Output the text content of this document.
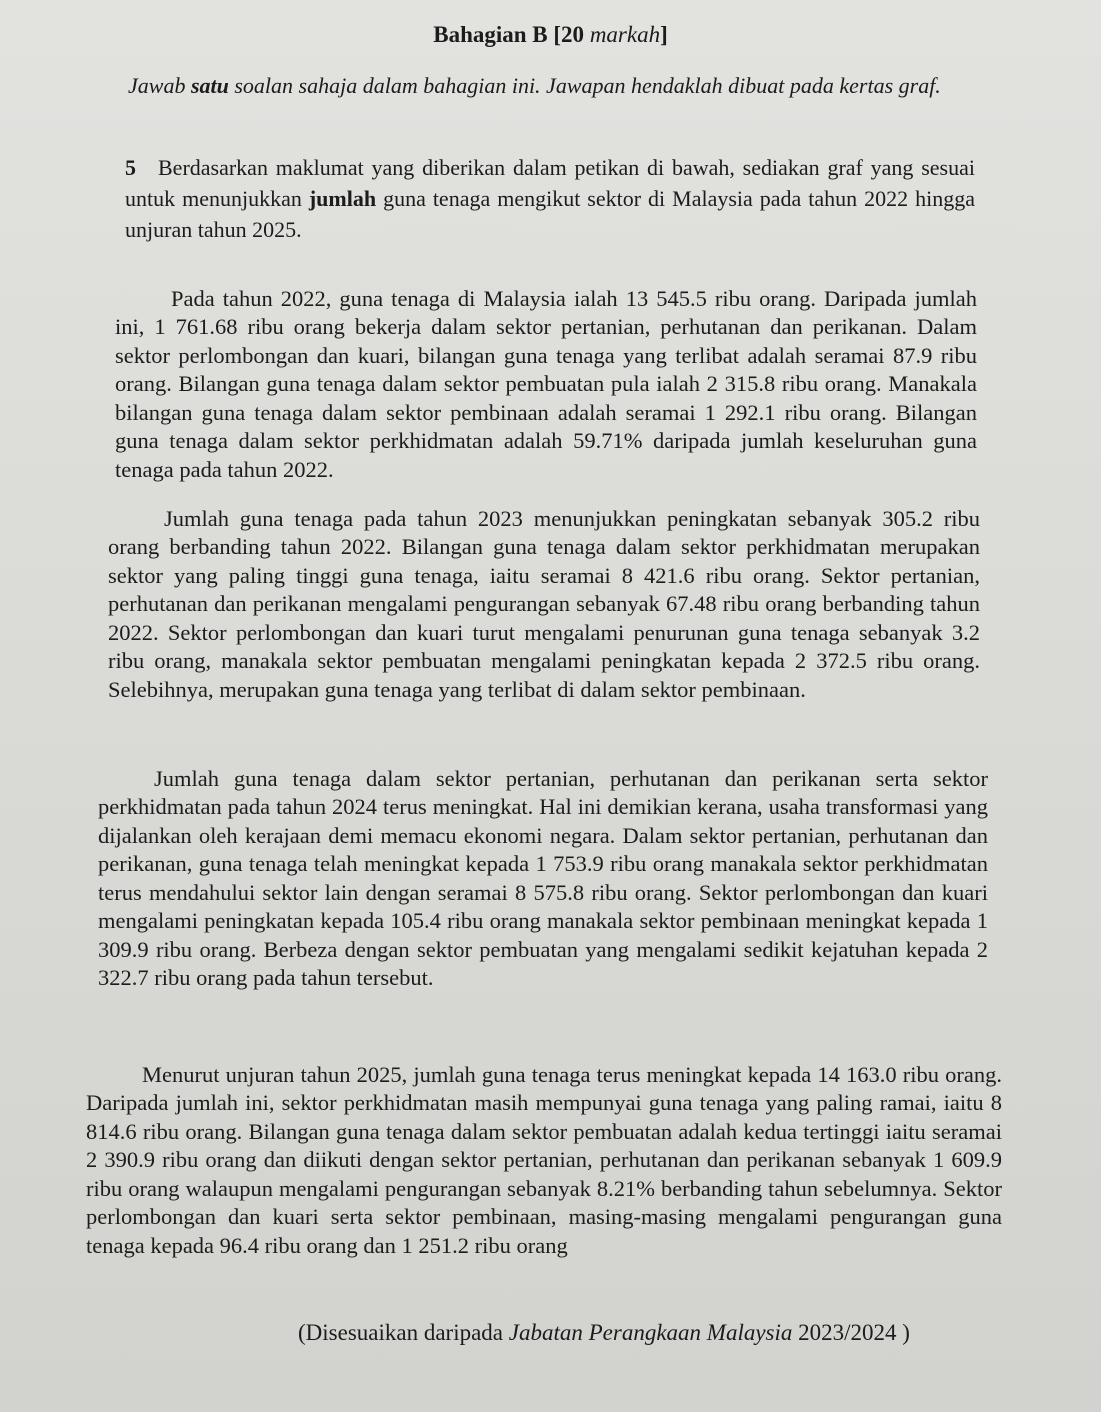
Bahagian B [20 markah]
Jawab satu soalan sahaja dalam bahagian ini. Jawapan hendaklah dibuat pada kertas graf.
5 Berdasarkan maklumat yang diberikan dalam petikan di bawah, sediakan graf yang sesuai untuk menunjukkan jumlah guna tenaga mengikut sektor di Malaysia pada tahun 2022 hingga unjuran tahun 2025.

Pada tahun 2022, guna tenaga di Malaysia ialah 13 545.5 ribu orang. Daripada jumlah ini, 1 761.68 ribu orang bekerja dalam sektor pertanian, perhutanan dan perikanan. Dalam sektor perlombongan dan kuari, bilangan guna tenaga yang terlibat adalah seramai 87.9 ribu orang. Bilangan guna tenaga dalam sektor pembuatan pula ialah 2 315.8 ribu orang. Manakala bilangan guna tenaga dalam sektor pembinaan adalah seramai 1 292.1 ribu orang. Bilangan guna tenaga dalam sektor perkhidmatan adalah 59.71% daripada jumlah keseluruhan guna tenaga pada tahun 2022.

Jumlah guna tenaga pada tahun 2023 menunjukkan peningkatan sebanyak 305.2 ribu orang berbanding tahun 2022. Bilangan guna tenaga dalam sektor perkhidmatan merupakan sektor yang paling tinggi guna tenaga, iaitu seramai 8 421.6 ribu orang. Sektor pertanian, perhutanan dan perikanan mengalami pengurangan sebanyak 67.48 ribu orang berbanding tahun 2022. Sektor perlombongan dan kuari turut mengalami penurunan guna tenaga sebanyak 3.2 ribu orang, manakala sektor pembuatan mengalami peningkatan kepada 2 372.5 ribu orang. Selebihnya, merupakan guna tenaga yang terlibat di dalam sektor pembinaan.

Jumlah guna tenaga dalam sektor pertanian, perhutanan dan perikanan serta sektor perkhidmatan pada tahun 2024 terus meningkat. Hal ini demikian kerana, usaha transformasi yang dijalankan oleh kerajaan demi memacu ekonomi negara. Dalam sektor pertanian, perhutanan dan perikanan, guna tenaga telah meningkat kepada 1 753.9 ribu orang manakala sektor perkhidmatan terus mendahului sektor lain dengan seramai 8 575.8 ribu orang. Sektor perlombongan dan kuari mengalami peningkatan kepada 105.4 ribu orang manakala sektor pembinaan meningkat kepada 1 309.9 ribu orang. Berbeza dengan sektor pembuatan yang mengalami sedikit kejatuhan kepada 2 322.7 ribu orang pada tahun tersebut.

Menurut unjuran tahun 2025, jumlah guna tenaga terus meningkat kepada 14 163.0 ribu orang. Daripada jumlah ini, sektor perkhidmatan masih mempunyai guna tenaga yang paling ramai, iaitu 8 814.6 ribu orang. Bilangan guna tenaga dalam sektor pembuatan adalah kedua tertinggi iaitu seramai 2 390.9 ribu orang dan diikuti dengan sektor pertanian, perhutanan dan perikanan sebanyak 1 609.9 ribu orang walaupun mengalami pengurangan sebanyak 8.21% berbanding tahun sebelumnya. Sektor perlombongan dan kuari serta sektor pembinaan, masing-masing mengalami pengurangan guna tenaga kepada 96.4 ribu orang dan 1 251.2 ribu orang

(Disesuaikan daripada Jabatan Perangkaan Malaysia 2023/2024 )
